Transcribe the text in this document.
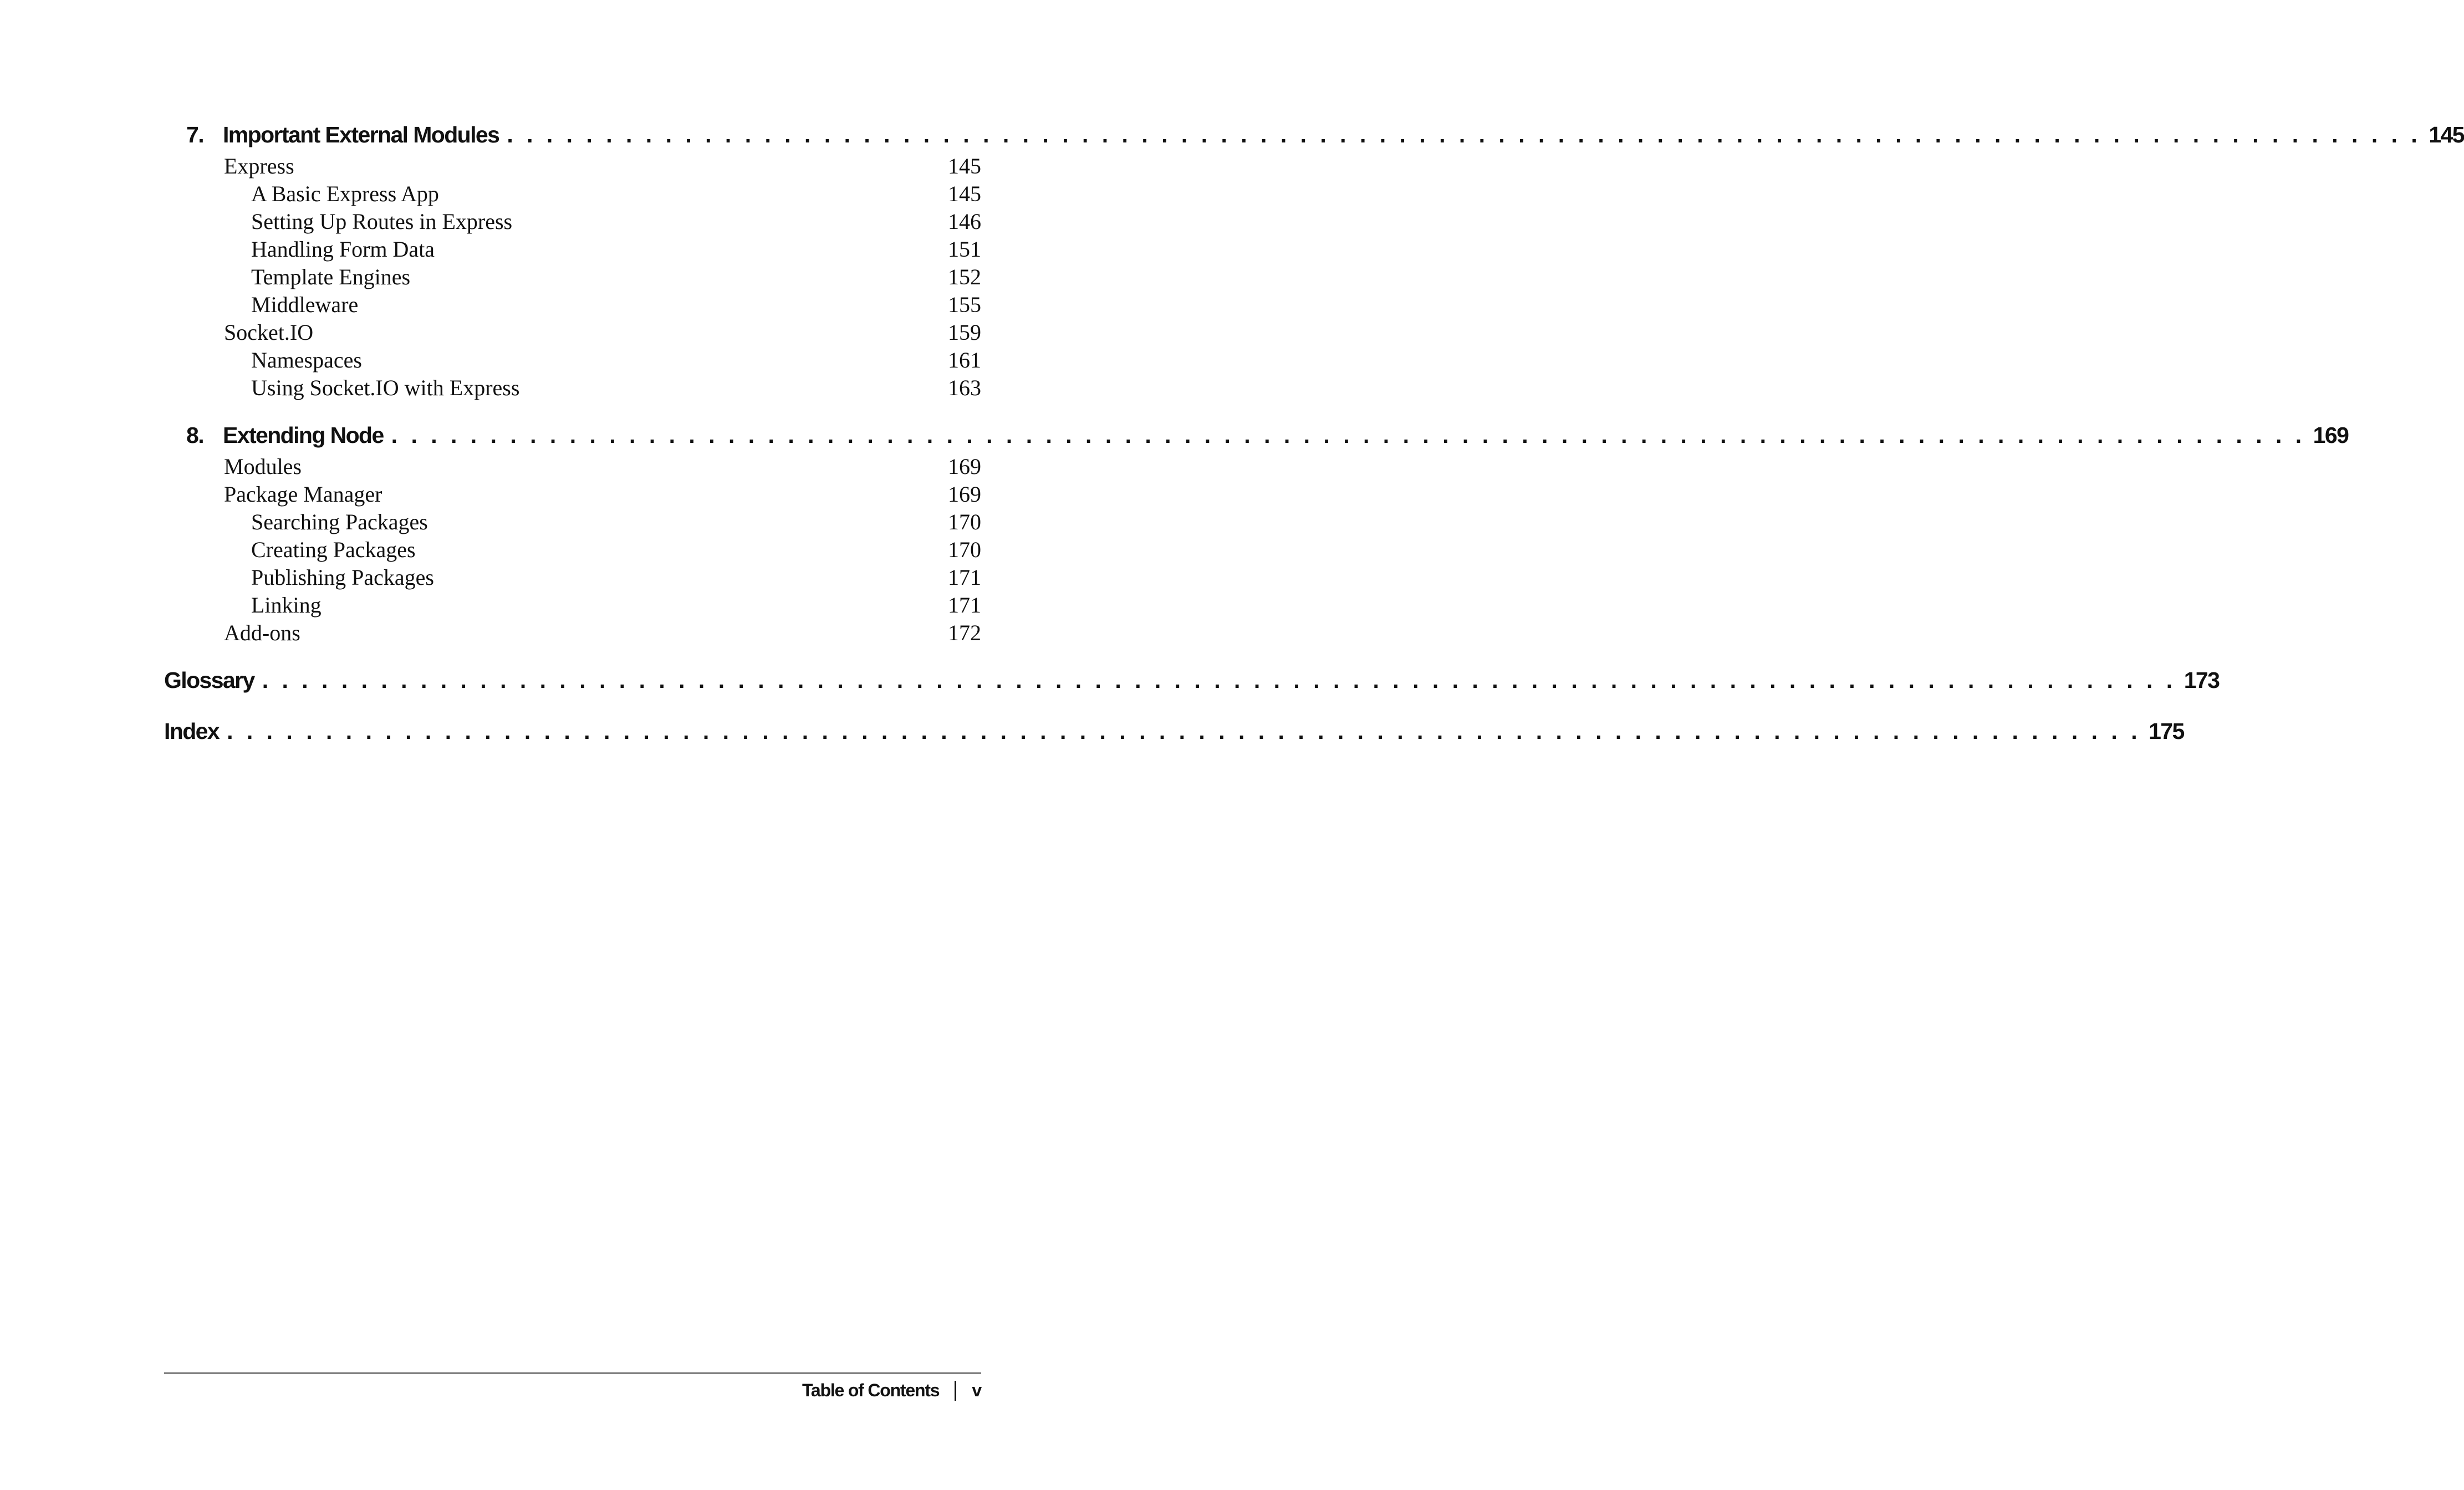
7. Important External Modules . . . . . . . . . . . . . . . . . . . . . . . . . . . . . . . . . . . . . . . . . . . . . . . . . . . . . . . . . . . . . . . . . . . . . . . . . . . . . . . . . . . . . . . . . . . . . . . . . 145
Express	145
A Basic Express App	145
Setting Up Routes in Express	146
Handling Form Data	151
Template Engines	152
Middleware	155
Socket.IO	159
Namespaces	161
Using Socket.IO with Express	163
8. Extending Node . . . . . . . . . . . . . . . . . . . . . . . . . . . . . . . . . . . . . . . . . . . . . . . . . . . . . . . . . . . . . . . . . . . . . . . . . . . . . . . . . . . . . . . . . . . . . . . . . 169
Modules	169
Package Manager	169
Searching Packages	170
Creating Packages	170
Publishing Packages	171
Linking	171
Add-ons	172
Glossary . . . . . . . . . . . . . . . . . . . . . . . . . . . . . . . . . . . . . . . . . . . . . . . . . . . . . . . . . . . . . . . . . . . . . . . . . . . . . . . . . . . . . . . . . . . . . . . . . 173
Index . . . . . . . . . . . . . . . . . . . . . . . . . . . . . . . . . . . . . . . . . . . . . . . . . . . . . . . . . . . . . . . . . . . . . . . . . . . . . . . . . . . . . . . . . . . . . . . . . 175
Table of Contents v
